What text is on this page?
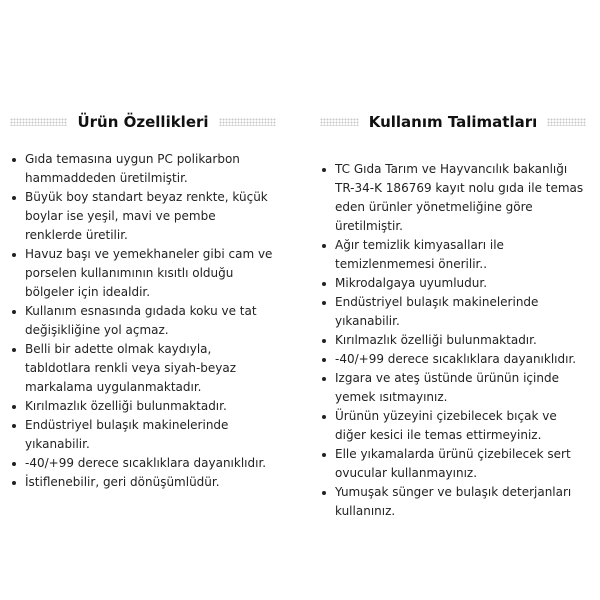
Ürün Özellikleri
Gıda temasına uygun PC polikarbon hammaddeden üretilmiştir.
Büyük boy standart beyaz renkte, küçük boylar ise yeşil, mavi ve pembe renklerde üretilir.
Havuz başı ve yemekhaneler gibi cam ve porselen kullanımının kısıtlı olduğu bölgeler için idealdir.
Kullanım esnasında gıdada koku ve tat değişikliğine yol açmaz.
Belli bir adette olmak kaydıyla, tabldotlara renkli veya siyah-beyaz markalama uygulanmaktadır.
Kırılmazlık özelliği bulunmaktadır.
Endüstriyel bulaşık makinelerinde yıkanabilir.
-40/+99 derece sıcaklıklara dayanıklıdır.
İstiflenebilir, geri dönüşümlüdür.
Kullanım Talimatları
TC Gıda Tarım ve Hayvancılık bakanlığı TR-34-K 186769 kayıt nolu gıda ile temas eden ürünler yönetmeliğine göre üretilmiştir.
Ağır temizlik kimyasalları ile temizlenmemesi önerilir..
Mikrodalgaya uyumludur.
Endüstriyel bulaşık makinelerinde yıkanabilir.
Kırılmazlık özelliği bulunmaktadır.
-40/+99 derece sıcaklıklara dayanıklıdır.
Izgara ve ateş üstünde ürünün içinde yemek ısıtmayınız.
Ürünün yüzeyini çizebilecek bıçak ve diğer kesici ile temas ettirmeyiniz.
Elle yıkamalarda ürünü çizebilecek sert ovucular kullanmayınız.
Yumuşak sünger ve bulaşık deterjanları kullanınız.
